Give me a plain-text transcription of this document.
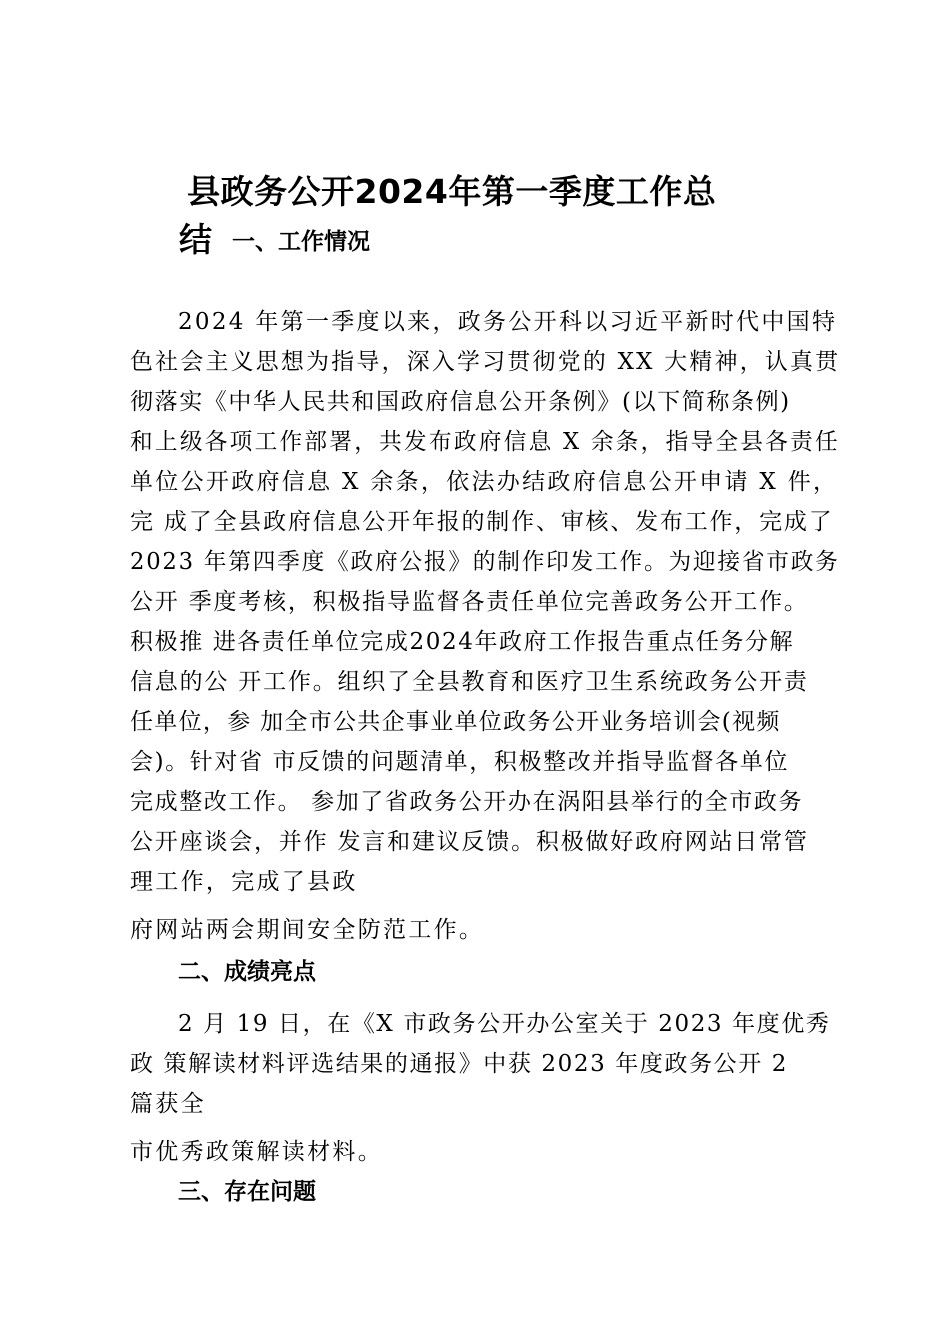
县政务公开2024年第一季度工作总
结 一、工作情况
2024 年第一季度以来，政务公开科以习近平新时代中国特
色社会主义思想为指导，深入学习贯彻党的 XX 大精神，认真贯
彻落实《中华人民共和国政府信息公开条例》(以下简称条例)
和上级各项工作部署，共发布政府信息 X 余条，指导全县各责任
单位公开政府信息 X 余条，依法办结政府信息公开申请 X 件，
完 成了全县政府信息公开年报的制作、审核、发布工作，完成了
2023 年第四季度《政府公报》的制作印发工作。为迎接省市政务
公开 季度考核，积极指导监督各责任单位完善政务公开工作。
积极推 进各责任单位完成2024年政府工作报告重点任务分解
信息的公 开工作。组织了全县教育和医疗卫生系统政务公开责
任单位，参 加全市公共企事业单位政务公开业务培训会(视频
会)。针对省 市反馈的问题清单，积极整改并指导监督各单位
完成整改工作。 参加了省政务公开办在涡阳县举行的全市政务
公开座谈会，并作 发言和建议反馈。积极做好政府网站日常管
理工作，完成了县政
府网站两会期间安全防范工作。
二、成绩亮点
2 月 19 日，在《X 市政务公开办公室关于 2023 年度优秀
政 策解读材料评选结果的通报》中获 2023 年度政务公开 2
篇获全
市优秀政策解读材料。
三、存在问题
